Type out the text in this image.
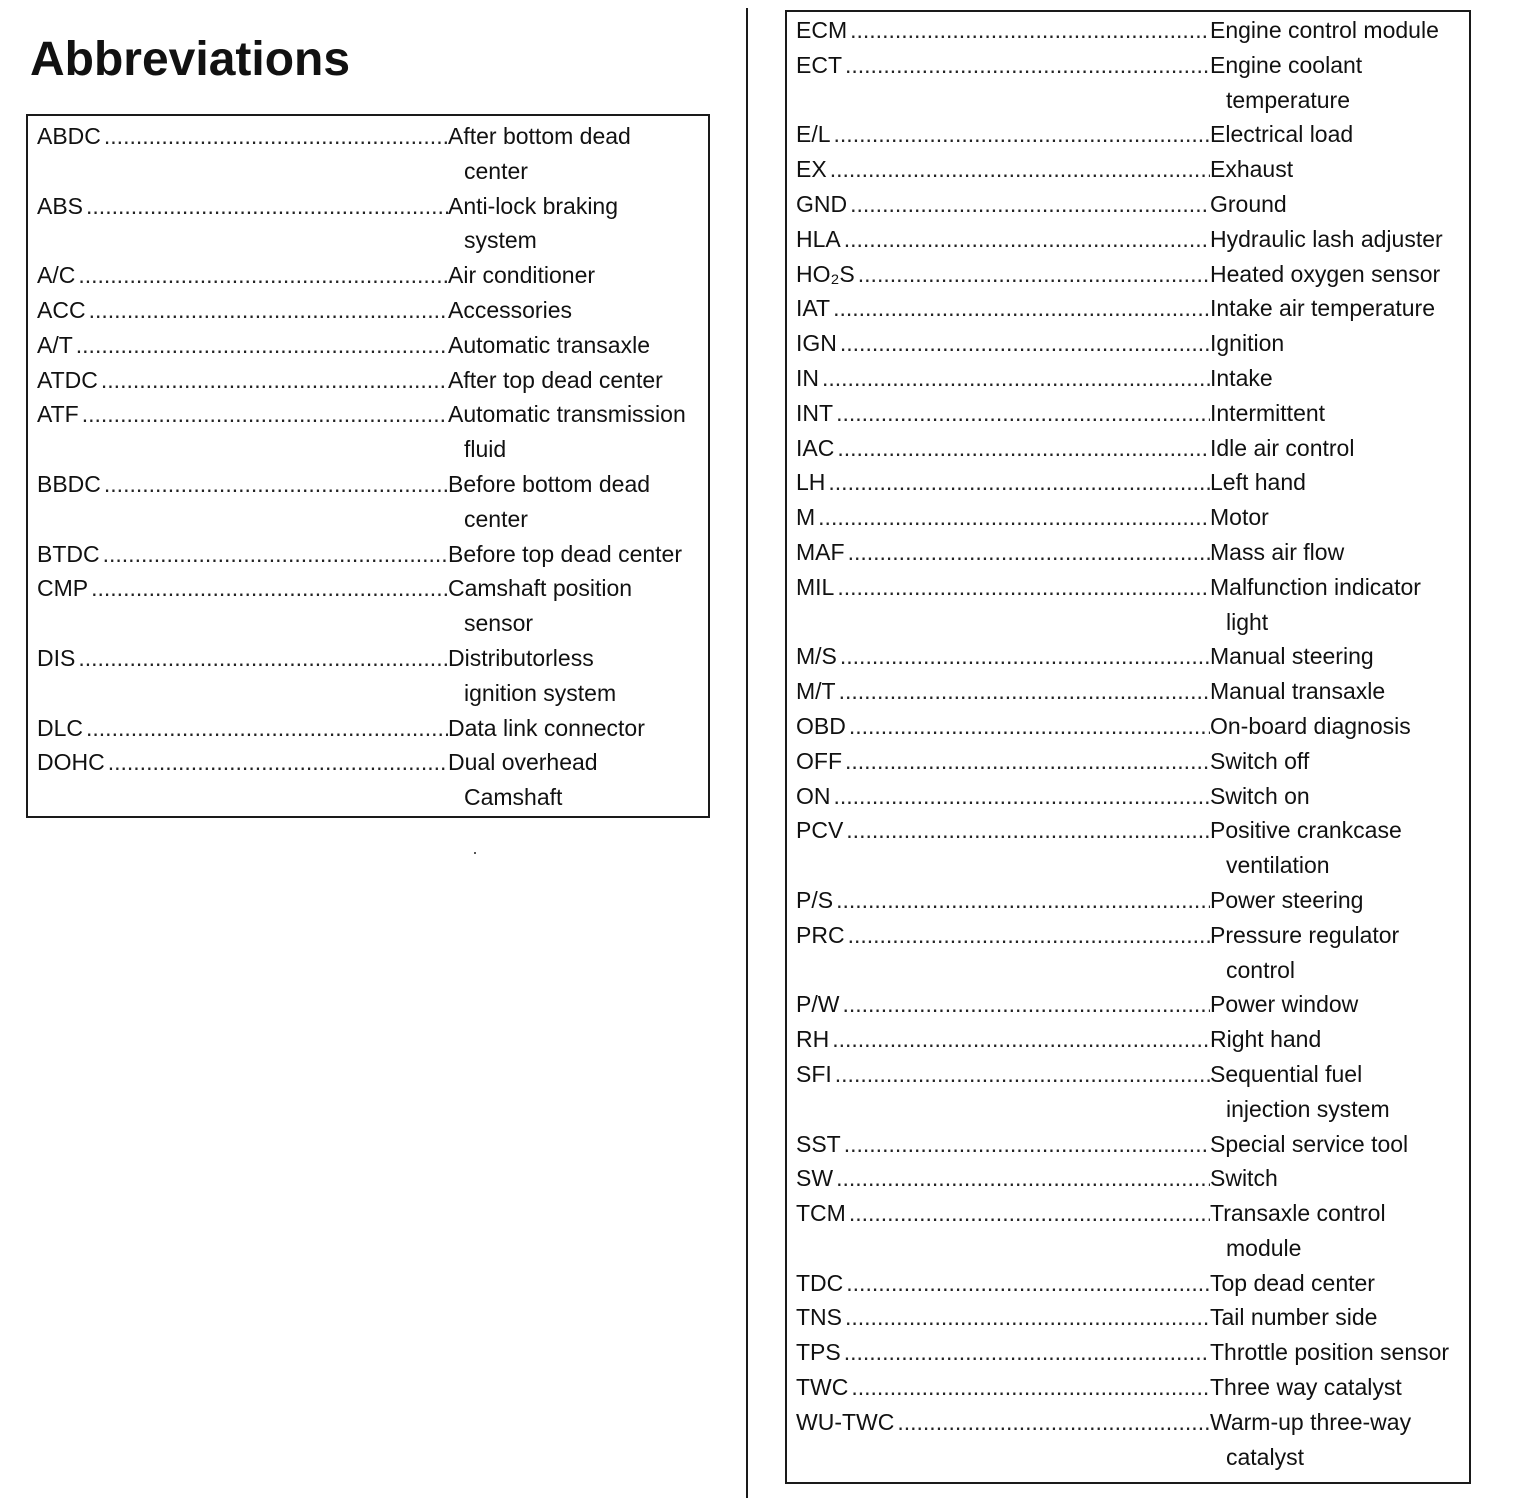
Abbreviations
ABDC .....	After bottom dead
center
ABS .....	Anti-lock braking
system
A/C .....	Air conditioner
ACC .....	Accessories
A/T .....	Automatic transaxle
ATDC .....	After top dead center
ATF .....	Automatic transmission
fluid
BBDC .....	Before bottom dead
center
BTDC .....	Before top dead center
CMP .....	Camshaft position
sensor
DIS .....	Distributorless
ignition system
DLC .....	Data link connector
DOHC .....	Dual overhead
Camshaft
ECM .....	Engine control module
ECT .....	Engine coolant
temperature
E/L .....	Electrical load
EX .....	Exhaust
GND .....	Ground
HLA .....	Hydraulic lash adjuster
HO₂S .....	Heated oxygen sensor
IAT .....	Intake air temperature
IGN .....	Ignition
IN .....	Intake
INT .....	Intermittent
IAC .....	Idle air control
LH .....	Left hand
M .....	Motor
MAF .....	Mass air flow
MIL .....	Malfunction indicator
light
M/S .....	Manual steering
M/T .....	Manual transaxle
OBD .....	On-board diagnosis
OFF .....	Switch off
ON .....	Switch on
PCV .....	Positive crankcase
ventilation
P/S .....	Power steering
PRC .....	Pressure regulator
control
P/W .....	Power window
RH .....	Right hand
SFI .....	Sequential fuel
injection system
SST .....	Special service tool
SW .....	Switch
TCM .....	Transaxle control
module
TDC .....	Top dead center
TNS .....	Tail number side
TPS .....	Throttle position sensor
TWC .....	Three way catalyst
WU-TWC .....	Warm-up three-way
catalyst
